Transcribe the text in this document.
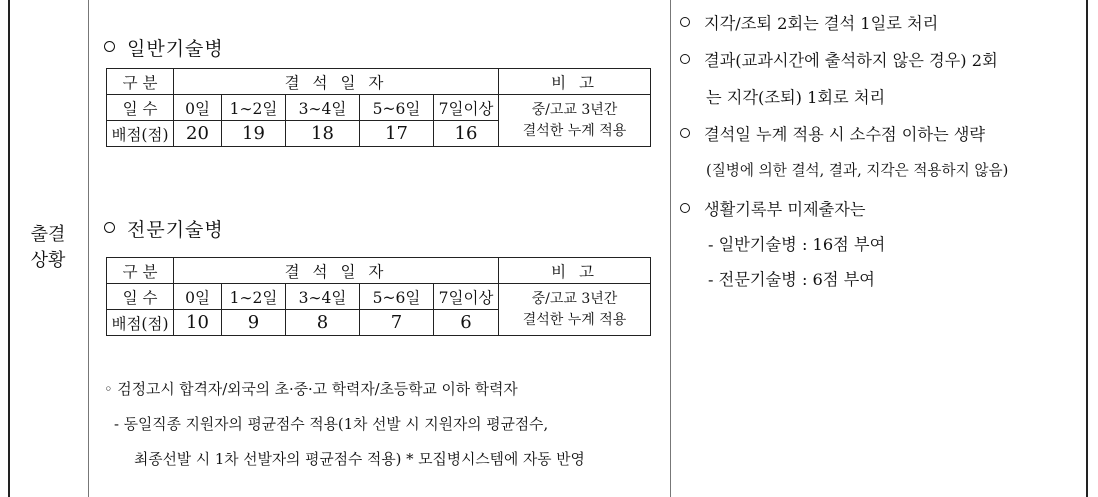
출결
상황
일반기술병
구 분	결 석 일 자					비 고
일 수	0일	1∼2일	3∼4일	5~6일	7일이상	중/고교 3년간
결석한 누계 적용

배점(점)	20	19	18	17	16	
전문기술병
구 분	결 석 일 자					비 고
일 수	0일	1∼2일	3∼4일	5~6일	7일이상	중/고교 3년간
결석한 누계 적용

배점(점)	10	9	8	7	6	
◦ 검정고시 합격자/외국의 초·중·고 학력자/초등학교 이하 학력자
- 동일직종 지원자의 평균점수 적용(1차 선발 시 지원자의 평균점수,
최종선발 시 1차 선발자의 평균점수 적용) * 모집병시스템에 자동 반영
지각/조퇴 2회는 결석 1일로 처리
결과(교과시간에 출석하지 않은 경우) 2회
는 지각(조퇴) 1회로 처리
결석일 누계 적용 시 소수점 이하는 생략
(질병에 의한 결석, 결과, 지각은 적용하지 않음)
생활기록부 미제출자는
- 일반기술병 : 16점 부여
- 전문기술병 : 6점 부여
